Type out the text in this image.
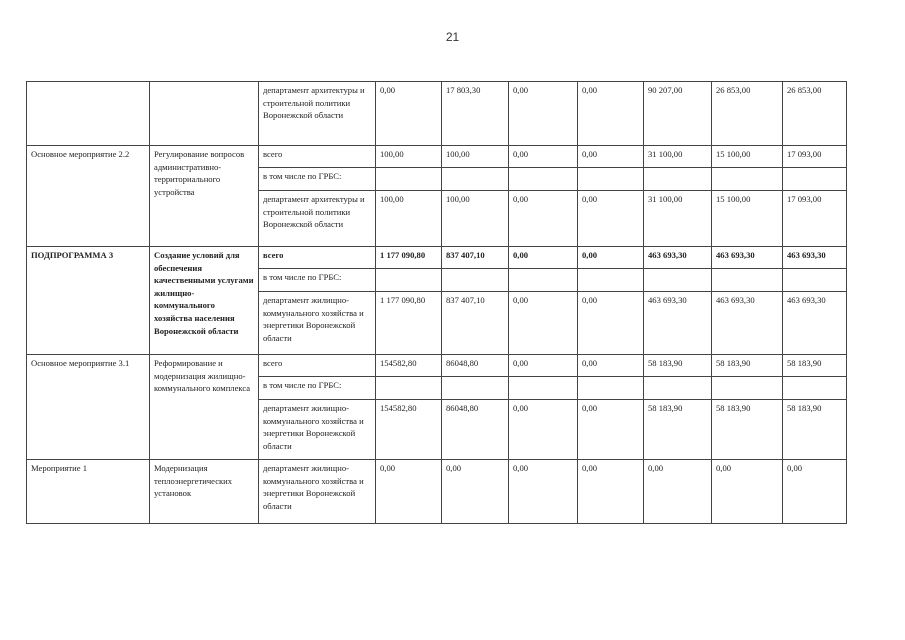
21
		департамент архитектуры и строительной политики Воронежской области	0,00	17 803,30	0,00	0,00	90 207,00	26 853,00	26 853,00
Основное мероприятие 2.2	Регулирование вопросов административно-территориального устройства	всего	100,00	100,00	0,00	0,00	31 100,00	15 100,00	17 093,00
		в том числе по ГРБС:							
		департамент архитектуры и строительной политики Воронежской области	100,00	100,00	0,00	0,00	31 100,00	15 100,00	17 093,00
ПОДПРОГРАММА 3	Создание условий для обеспечения качественными услугами жилищно-коммунального хозяйства населения Воронежской области	всего	1 177 090,80	837 407,10	0,00	0,00	463 693,30	463 693,30	463 693,30
		в том числе по ГРБС:							
		департамент жилищно-коммунального хозяйства и энергетики Воронежской области	1 177 090,80	837 407,10	0,00	0,00	463 693,30	463 693,30	463 693,30
Основное мероприятие 3.1	Реформирование и модернизация жилищно-коммунального комплекса	всего	154582,80	86048,80	0,00	0,00	58 183,90	58 183,90	58 183,90
		в том числе по ГРБС:							
		департамент жилищно-коммунального хозяйства и энергетики Воронежской области	154582,80	86048,80	0,00	0,00	58 183,90	58 183,90	58 183,90
Мероприятие 1	Модернизация теплоэнергетических установок	департамент жилищно-коммунального хозяйства и энергетики Воронежской области	0,00	0,00	0,00	0,00	0,00	0,00	0,00
